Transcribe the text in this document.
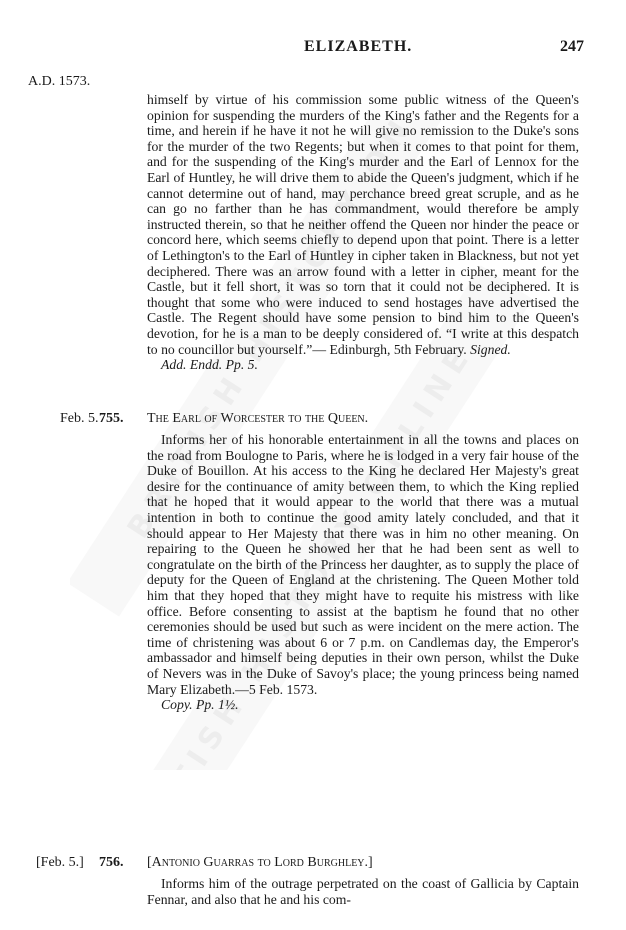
ELIZABETH.	247
A.D. 1573.

himself by virtue of his commission some public witness of the Queen's opinion for suspending the murders of the King's father and the Regents for a time, and herein if he have it not he will give no remission to the Duke's sons for the murder of the two Regents; but when it comes to that point for them, and for the suspending of the King's murder and the Earl of Lennox for the Earl of Huntley, he will drive them to abide the Queen's judgment, which if he cannot determine out of hand, may perchance breed great scruple, and as he can go no farther than he has commandment, would therefore be amply instructed therein, so that he neither offend the Queen nor hinder the peace or concord here, which seems chiefly to depend upon that point. There is a letter of Lethington's to the Earl of Huntley in cipher taken in Blackness, but not yet deciphered. There was an arrow found with a letter in cipher, meant for the Castle, but it fell short, it was so torn that it could not be deciphered. It is thought that some who were induced to send hostages have advertised the Castle. The Regent should have some pension to bind him to the Queen's devotion, for he is a man to be deeply considered of. “I write at this despatch to no councillor but yourself.”— Edinburgh, 5th February. Signed.

Add. Endd. Pp. 5.

Feb. 5. 755. The Earl of Worcester to the Queen.

Informs her of his honorable entertainment in all the towns and places on the road from Boulogne to Paris, where he is lodged in a very fair house of the Duke of Bouillon. At his access to the King he declared Her Majesty's great desire for the continuance of amity between them, to which the King replied that he hoped that it would appear to the world that there was a mutual intention in both to continue the good amity lately concluded, and that it should appear to Her Majesty that there was in him no other meaning. On repairing to the Queen he showed her that he had been sent as well to congratulate on the birth of the Princess her daughter, as to supply the place of deputy for the Queen of England at the christening. The Queen Mother told him that they hoped that they might have to requite his mistress with like office. Before consenting to assist at the baptism he found that no other ceremonies should be used but such as were incident on the mere action. The time of christening was about 6 or 7 p.m. on Candlemas day, the Emperor's ambassador and himself being deputies in their own person, whilst the Duke of Nevers was in the Duke of Savoy's place; the young princess being named Mary Elizabeth.—5 Feb. 1573.

Copy. Pp. 1½.

[Feb. 5.] 756. [Antonio Guarras to Lord Burghley.]

Informs him of the outrage perpetrated on the coast of Gallicia by Captain Fennar, and also that he and his com-
